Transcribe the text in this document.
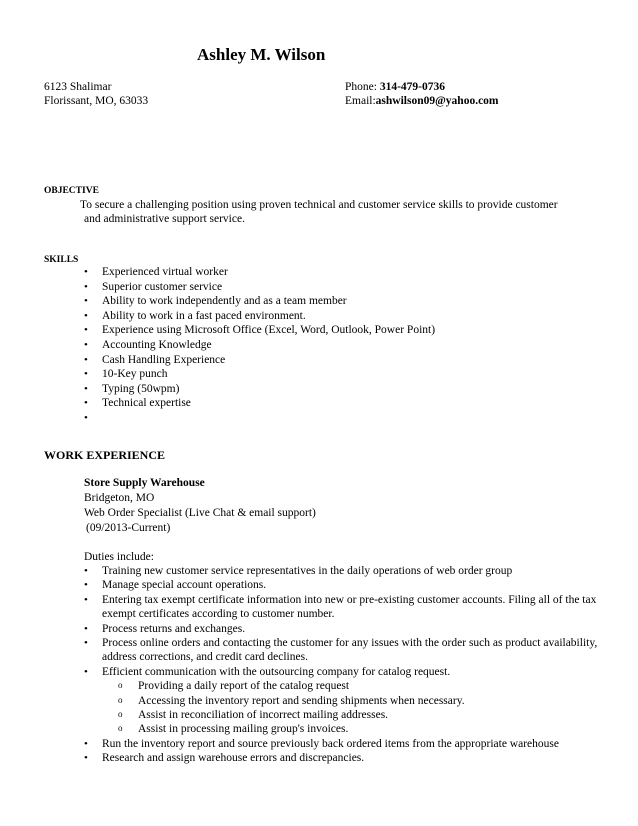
Ashley M. Wilson
6123 Shalimar
Florissant, MO, 63033
Phone: 314-479-0736
Email:ashwilson09@yahoo.com
OBJECTIVE
To secure a challenging position using proven technical and customer service skills to provide customer
and administrative support service.
SKILLS
• Experienced virtual worker
• Superior customer service
• Ability to work independently and as a team member
• Ability to work in a fast paced environment.
• Experience using Microsoft Office (Excel, Word, Outlook, Power Point)
• Accounting Knowledge
• Cash Handling Experience
• 10-Key punch
• Typing (50wpm)
• Technical expertise
•
WORK EXPERIENCE
Store Supply Warehouse
Bridgeton, MO
Web Order Specialist (Live Chat & email support)
(09/2013-Current)
Duties include:
• Training new customer service representatives in the daily operations of web order group
• Manage special account operations.
• Entering tax exempt certificate information into new or pre-existing customer accounts. Filing all of the tax exempt certificates according to customer number.
• Process returns and exchanges.
• Process online orders and contacting the customer for any issues with the order such as product availability, address corrections, and credit card declines.
• Efficient communication with the outsourcing company for catalog request.
o Providing a daily report of the catalog request
o Accessing the inventory report and sending shipments when necessary.
o Assist in reconciliation of incorrect mailing addresses.
o Assist in processing mailing group's invoices.
• Run the inventory report and source previously back ordered items from the appropriate warehouse
• Research and assign warehouse errors and discrepancies.
